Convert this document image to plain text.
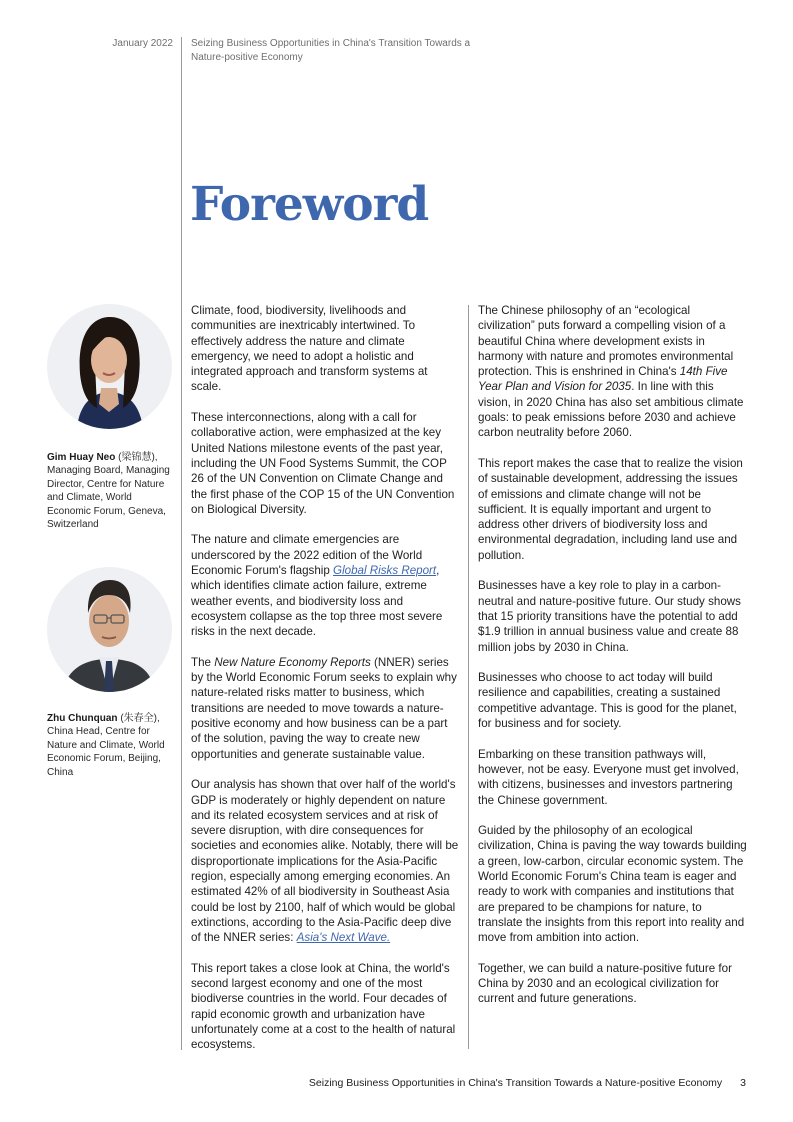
January 2022 Seizing Business Opportunities in China's Transition Towards a Nature-positive Economy
Foreword
Gim Huay Neo (梁锦慧),
Managing Board, Managing Director, Centre for Nature and Climate, World Economic Forum, Geneva, Switzerland
Zhu Chunquan (朱春全),
China Head, Centre for Nature and Climate, World Economic Forum, Beijing, China

Climate, food, biodiversity, livelihoods and communities are inextricably intertwined. To effectively address the nature and climate emergency, we need to adopt a holistic and integrated approach and transform systems at scale.

These interconnections, along with a call for collaborative action, were emphasized at the key United Nations milestone events of the past year, including the UN Food Systems Summit, the COP 26 of the UN Convention on Climate Change and the first phase of the COP 15 of the UN Convention on Biological Diversity.

The nature and climate emergencies are underscored by the 2022 edition of the World Economic Forum's flagship Global Risks Report, which identifies climate action failure, extreme weather events, and biodiversity loss and ecosystem collapse as the top three most severe risks in the next decade.

The New Nature Economy Reports (NNER) series by the World Economic Forum seeks to explain why nature-related risks matter to business, which transitions are needed to move towards a nature-positive economy and how business can be a part of the solution, paving the way to create new opportunities and generate sustainable value.

Our analysis has shown that over half of the world's GDP is moderately or highly dependent on nature and its related ecosystem services and at risk of severe disruption, with dire consequences for societies and economies alike. Notably, there will be disproportionate implications for the Asia-Pacific region, especially among emerging economies. An estimated 42% of all biodiversity in Southeast Asia could be lost by 2100, half of which would be global extinctions, according to the Asia-Pacific deep dive of the NNER series: Asia's Next Wave.

This report takes a close look at China, the world's second largest economy and one of the most biodiverse countries in the world. Four decades of rapid economic growth and urbanization have unfortunately come at a cost to the health of natural ecosystems.

The Chinese philosophy of an “ecological civilization” puts forward a compelling vision of a beautiful China where development exists in harmony with nature and promotes environmental protection. This is enshrined in China's 14th Five Year Plan and Vision for 2035. In line with this vision, in 2020 China has also set ambitious climate goals: to peak emissions before 2030 and achieve carbon neutrality before 2060.

This report makes the case that to realize the vision of sustainable development, addressing the issues of emissions and climate change will not be sufficient. It is equally important and urgent to address other drivers of biodiversity loss and environmental degradation, including land use and pollution.

Businesses have a key role to play in a carbon-neutral and nature-positive future. Our study shows that 15 priority transitions have the potential to add $1.9 trillion in annual business value and create 88 million jobs by 2030 in China.

Businesses who choose to act today will build resilience and capabilities, creating a sustained competitive advantage. This is good for the planet, for business and for society.

Embarking on these transition pathways will, however, not be easy. Everyone must get involved, with citizens, businesses and investors partnering the Chinese government.

Guided by the philosophy of an ecological civilization, China is paving the way towards building a green, low-carbon, circular economic system. The World Economic Forum's China team is eager and ready to work with companies and institutions that are prepared to be champions for nature, to translate the insights from this report into reality and move from ambition into action.

Together, we can build a nature-positive future for China by 2030 and an ecological civilization for current and future generations.

Seizing Business Opportunities in China's Transition Towards a Nature-positive Economy 3
